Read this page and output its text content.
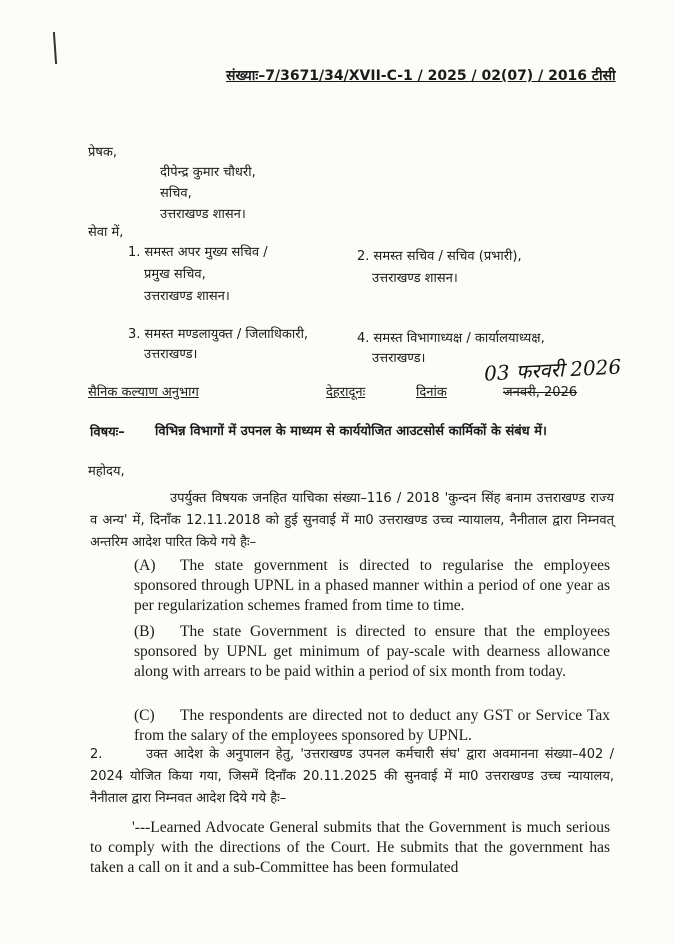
संख्याः–7/3671/34/XVII-C-1 / 2025 / 02(07) / 2016 टीसी
प्रेषक,
दीपेन्द्र कुमार चौधरी,
सचिव,
उत्तराखण्ड शासन।
सेवा में,
1. समस्त अपर मुख्य सचिव /
प्रमुख सचिव,
उत्तराखण्ड शासन।
2. समस्त सचिव / सचिव (प्रभारी),
उत्तराखण्ड शासन।
3. समस्त मण्डलायुक्त / जिलाधिकारी,
उत्तराखण्ड।
4. समस्त विभागाध्यक्ष / कार्यालयाध्यक्ष,
उत्तराखण्ड।	03 फरवरी 2026
सैनिक कल्याण अनुभाग	देहरादूनः	दिनांक	जनवरी, 2026
विषयः– विभिन्न विभागों में उपनल के माध्यम से कार्ययोजित आउटसोर्स कार्मिकों के संबंध में।
महोदय,
उपर्युक्त विषयक जनहित याचिका संख्या–116 / 2018 'कुन्दन सिंह बनाम उत्तराखण्ड राज्य व अन्य' में, दिनाँक 12.11.2018 को हुई सुनवाई में मा0 उत्तराखण्ड उच्च न्यायालय, नैनीताल द्वारा निम्नवत् अन्तरिम आदेश पारित किये गये हैः–
(A) The state government is directed to regularise the employees sponsored through UPNL in a phased manner within a period of one year as per regularization schemes framed from time to time.
(B) The state Government is directed to ensure that the employees sponsored by UPNL get minimum of pay-scale with dearness allowance along with arrears to be paid within a period of six month from today.
(C) The respondents are directed not to deduct any GST or Service Tax from the salary of the employees sponsored by UPNL.
2.	उक्त आदेश के अनुपालन हेतु, 'उत्तराखण्ड उपनल कर्मचारी संघ' द्वारा अवमानना संख्या–402 / 2024 योजित किया गया, जिसमें दिनाँक 20.11.2025 की सुनवाई में मा0 उत्तराखण्ड उच्च न्यायालय, नैनीताल द्वारा निम्नवत आदेश दिये गये हैः–
'---Learned Advocate General submits that the Government is much serious to comply with the directions of the Court. He submits that the government has taken a call on it and a sub-Committee has been formulated
